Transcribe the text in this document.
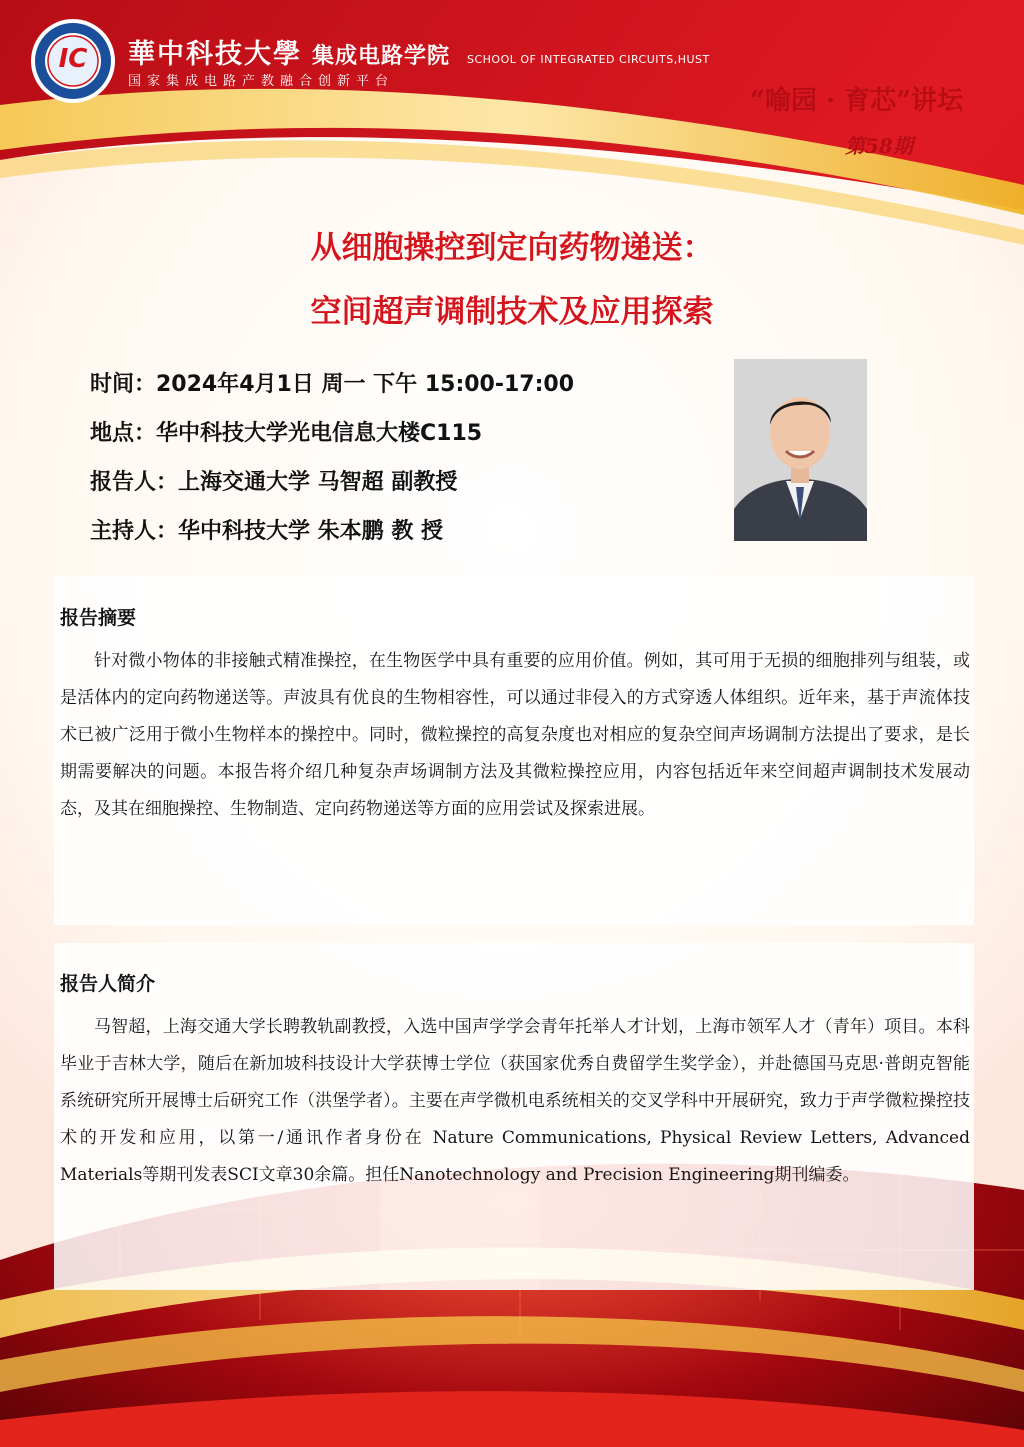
IC	華中科技大學 集成电路学院
国家集成电路产教融合创新平台
SCHOOL OF INTEGRATED CIRCUITS,HUST
“喻园 · 育芯”讲坛
第58期
从细胞操控到定向药物递送：
空间超声调制技术及应用探索
时间：2024年4月1日 周一 下午 15:00-17:00
地点：华中科技大学光电信息大楼C115
报告人：上海交通大学 马智超 副教授
主持人：华中科技大学 朱本鹏 教 授
报告摘要

针对微小物体的非接触式精准操控，在生物医学中具有重要的应用价值。例如，其可用于无损的细胞排列与组装，或是活体内的定向药物递送等。声波具有优良的生物相容性，可以通过非侵入的方式穿透人体组织。近年来，基于声流体技术已被广泛用于微小生物样本的操控中。同时，微粒操控的高复杂度也对相应的复杂空间声场调制方法提出了要求，是长期需要解决的问题。本报告将介绍几种复杂声场调制方法及其微粒操控应用，内容包括近年来空间超声调制技术发展动态，及其在细胞操控、生物制造、定向药物递送等方面的应用尝试及探索进展。

报告人简介

马智超，上海交通大学长聘教轨副教授，入选中国声学学会青年托举人才计划，上海市领军人才（青年）项目。本科毕业于吉林大学，随后在新加坡科技设计大学获博士学位（获国家优秀自费留学生奖学金），并赴德国马克思·普朗克智能系统研究所开展博士后研究工作（洪堡学者）。主要在声学微机电系统相关的交叉学科中开展研究，致力于声学微粒操控技术的开发和应用，以第一/通讯作者身份在 Nature Communications, Physical Review Letters, Advanced Materials等期刊发表SCI文章30余篇。担任Nanotechnology and Precision Engineering期刊编委。
